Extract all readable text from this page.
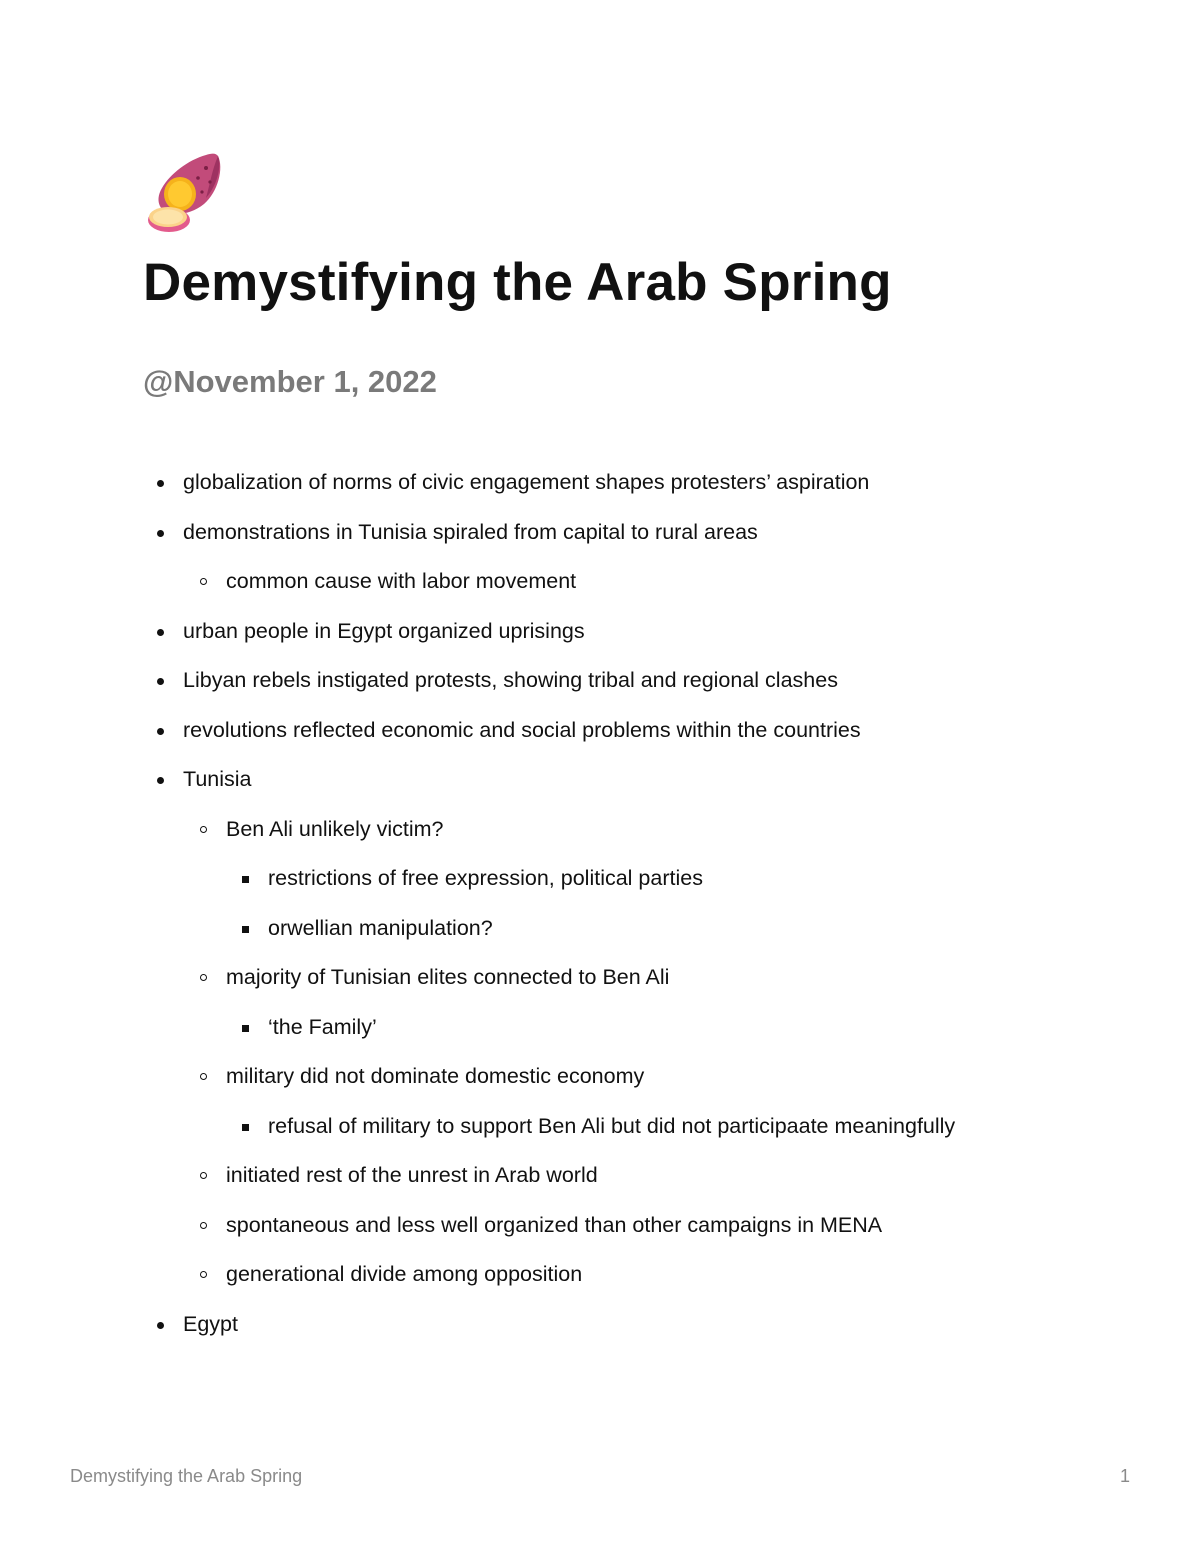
Demystifying the Arab Spring
@November 1, 2022
globalization of norms of civic engagement shapes protesters’ aspiration
demonstrations in Tunisia spiraled from capital to rural areas
common cause with labor movement
urban people in Egypt organized uprisings
Libyan rebels instigated protests, showing tribal and regional clashes
revolutions reflected economic and social problems within the countries
Tunisia
Ben Ali unlikely victim?
restrictions of free expression, political parties
orwellian manipulation?
majority of Tunisian elites connected to Ben Ali
‘the Family’
military did not dominate domestic economy
refusal of military to support Ben Ali but did not participaate meaningfully
initiated rest of the unrest in Arab world
spontaneous and less well organized than other campaigns in MENA
generational divide among opposition
Egypt
Demystifying the Arab Spring	1
